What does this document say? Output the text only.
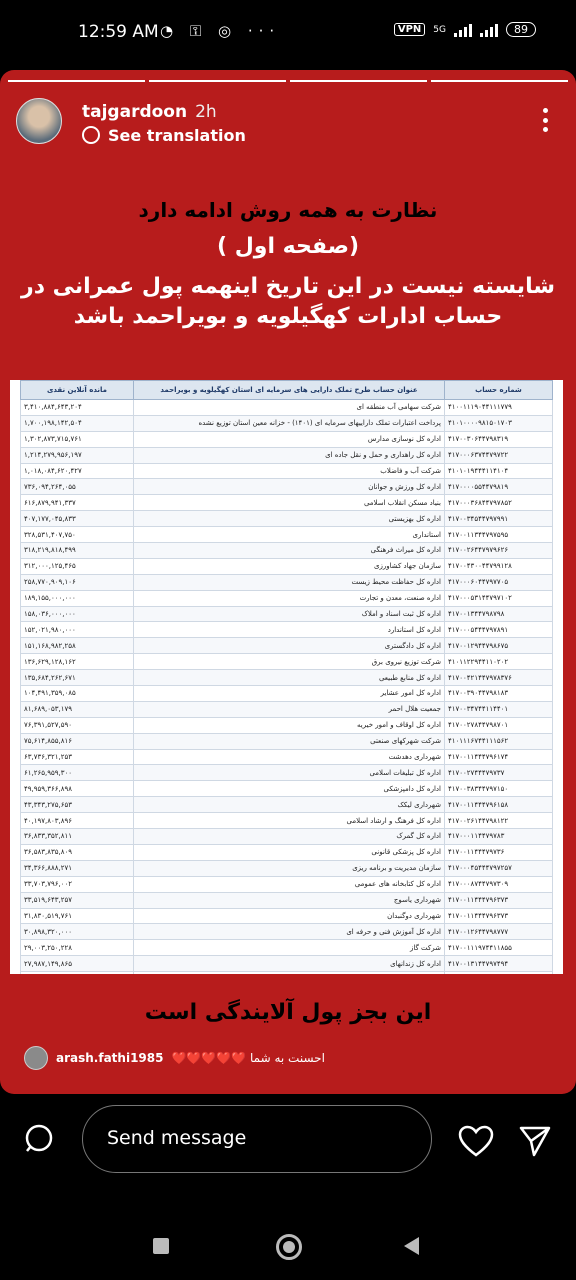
12:59 AM ◔ ⚿ ◎ ···	VPN	5G	89
tajgardoon 2h
See translation
نظارت به همه روش ادامه دارد
(صفحه اول )
شایسته نیست در این تاریخ اینهمه پول عمرانی در حساب ادارات کهگیلویه و بویراحمد باشد
شماره حساب	عنوان حساب طرح تملک دارایی های سرمایه ای استان کهگیلویه و بویراحمد	مانده آنلاین نقدی
۴۱۰۰۱۱۱۹۰۴۴۱۱۱۷۷۹	شرکت سهامی آب منطقه ای	۳,۴۱۰,۸۸۴,۶۴۳,۲۰۴
۴۱۰۱۰۰۰۰۹۸۱۵۰۱۷۰۳	پرداخت اعتبارات تملک داراییهای سرمایه ای (۱۴۰۱) - خزانه معین استان توزیع نشده	۱,۷۰۰,۱۹۸,۱۴۲,۵۰۴
۴۱۷۰۰۳۰۶۴۴۷۹۸۳۱۹	اداره کل نوسازی مدارس	۱,۳۰۲,۸۷۳,۷۱۵,۷۶۱
۴۱۷۰۰۰۶۳۷۴۴۷۹۷۲۲	اداره کل راهداری و حمل و نقل جاده ای	۱,۲۱۴,۲۷۹,۹۵۶,۱۹۷
۴۱۰۱۰۱۹۴۴۴۱۱۴۱۰۴	شرکت آب و فاضلاب	۱,۰۱۸,۰۸۴,۶۲۰,۴۲۷
۴۱۷۰۰۰۰۵۵۴۴۷۹۸۱۹	اداره کل ورزش و جوانان	۷۳۶,۰۹۴,۲۶۴,۰۵۵
۴۱۷۰۰۰۳۶۸۴۴۷۹۷۸۵۲	بنیاد مسکن انقلاب اسلامی	۶۱۶,۸۷۹,۹۴۱,۳۳۷
۴۱۷۰۰۳۴۵۴۴۷۹۷۹۹۱	اداره کل بهزیستی	۴۰۷,۱۷۷,۰۴۵,۸۳۳
۴۱۷۰۰۱۱۳۴۴۷۹۷۵۹۵	استانداری	۳۲۸,۵۳۱,۴۰۷,۷۵۰
۴۱۷۰۰۲۶۴۴۷۹۷۹۶۲۶	اداره کل میراث فرهنگی	۳۱۸,۲۱۹,۸۱۸,۴۹۹
۴۱۷۰۰۴۳۰۰۴۴۷۹۹۱۲۸	سازمان جهاد کشاورزی	۳۱۲,۰۰۰,۱۲۵,۴۶۵
۴۱۷۰۰۰۶۰۴۴۷۹۷۷۰۵	اداره کل حفاظت محیط زیست	۲۵۸,۷۷۰,۹۰۹,۱۰۶
۴۱۷۰۰۰۵۳۱۴۴۷۹۷۱۰۲	اداره صنعت، معدن و تجارت	۱۸۹,۱۵۵,۰۰۰,۰۰۰
۴۱۷۰۰۱۳۴۴۷۹۸۷۹۸	اداره کل ثبت اسناد و املاک	۱۵۸,۰۳۶,۰۰۰,۰۰۰
۴۱۷۰۰۰۵۴۴۴۷۹۷۸۹۱	اداره کل استاندارد	۱۵۲,۰۲۱,۹۸۰,۰۰۰
۴۱۷۰۰۱۲۹۴۴۷۹۸۶۷۵	اداره کل دادگستری	۱۵۱,۱۶۸,۹۸۲,۲۵۸
۴۱۰۱۱۲۲۹۴۴۱۱۰۲۰۲	شرکت توزیع نیروی برق	۱۳۶,۶۲۹,۱۲۸,۱۶۲
۴۱۷۰۰۴۲۱۴۴۷۹۷۸۳۷۶	اداره کل منابع طبیعی	۱۳۵,۶۸۴,۲۶۲,۶۷۱
۴۱۷۰۰۳۹۰۴۴۷۹۸۱۸۳	اداره کل امور عشایر	۱۰۴,۴۹۱,۳۵۹,۰۸۵
۴۱۷۰۰۳۴۷۴۴۱۱۴۴۰۱	جمعیت هلال احمر	۸۱,۶۸۹,۰۵۳,۱۷۹
۴۱۷۰۰۲۷۸۴۴۷۹۸۷۰۱	اداره کل اوقاف و امور خیریه	۷۶,۳۹۱,۵۲۷,۵۹۰
۴۱۰۱۱۱۶۷۴۴۱۱۱۵۶۲	شرکت شهرکهای صنعتی	۷۵,۶۱۴,۸۵۵,۸۱۶
۴۱۷۰۰۱۱۴۴۴۷۹۶۱۷۴	شهرداری دهدشت	۶۳,۷۳۶,۳۲۱,۲۵۳
۴۱۷۰۰۲۷۴۴۴۷۹۷۳۷	اداره کل تبلیغات اسلامی	۶۱,۲۶۵,۹۵۹,۳۰۰
۴۱۷۰۰۳۸۳۴۴۷۹۷۱۵۰	اداره کل دامپزشکی	۴۹,۹۵۹,۳۶۶,۸۹۸
۴۱۷۰۰۱۱۴۴۴۷۹۶۱۵۸	شهرداری لیکک	۴۳,۳۴۳,۲۷۵,۶۵۳
۴۱۷۰۰۲۶۱۴۴۷۹۸۱۲۲	اداره کل فرهنگ و ارشاد اسلامی	۴۰,۱۹۷,۸۰۳,۸۹۶
۴۱۷۰۰۰۱۱۴۴۷۹۷۸۳	اداره کل گمرک	۳۶,۸۳۳,۳۵۲,۸۱۱
۴۱۷۰۰۱۱۴۴۴۷۹۷۳۶	اداره کل پزشکی قانونی	۳۶,۵۸۳,۸۳۵,۸۰۹
۴۱۷۰۰۰۴۵۴۴۴۷۹۷۲۵۷	سازمان مدیریت و برنامه ریزی	۳۴,۳۶۶,۸۸۸,۲۷۱
۴۱۷۰۰۰۸۷۴۴۷۹۷۳۰۹	اداره کل کتابخانه های عمومی	۳۳,۷۰۳,۷۹۶,۰۰۲
۴۱۷۰۰۱۱۴۴۴۷۹۶۳۷۳	شهرداری یاسوج	۳۳,۵۱۹,۶۴۳,۲۵۷
۴۱۷۰۰۱۱۴۴۴۷۹۶۳۷۳	شهرداری دوگنبدان	۳۱,۸۳۰,۵۱۹,۷۶۱
۴۱۷۰۰۱۲۶۴۴۷۹۸۷۷۷	اداره کل آموزش فنی و حرفه ای	۳۰,۸۹۸,۳۲۰,۰۰۰
۴۱۷۰۰۱۱۱۹۷۴۴۱۱۸۵۵	شرکت گاز	۲۹,۰۰۳,۲۵۰,۲۲۸
۴۱۷۰۰۱۳۱۴۴۷۹۷۴۹۴	اداره کل زندانهای	۲۷,۹۸۷,۱۴۹,۸۶۵

این بجز پول آلایندگی است
arash.fathi1985 احسنت به شما ❤️❤️❤️❤️❤️
Send message
